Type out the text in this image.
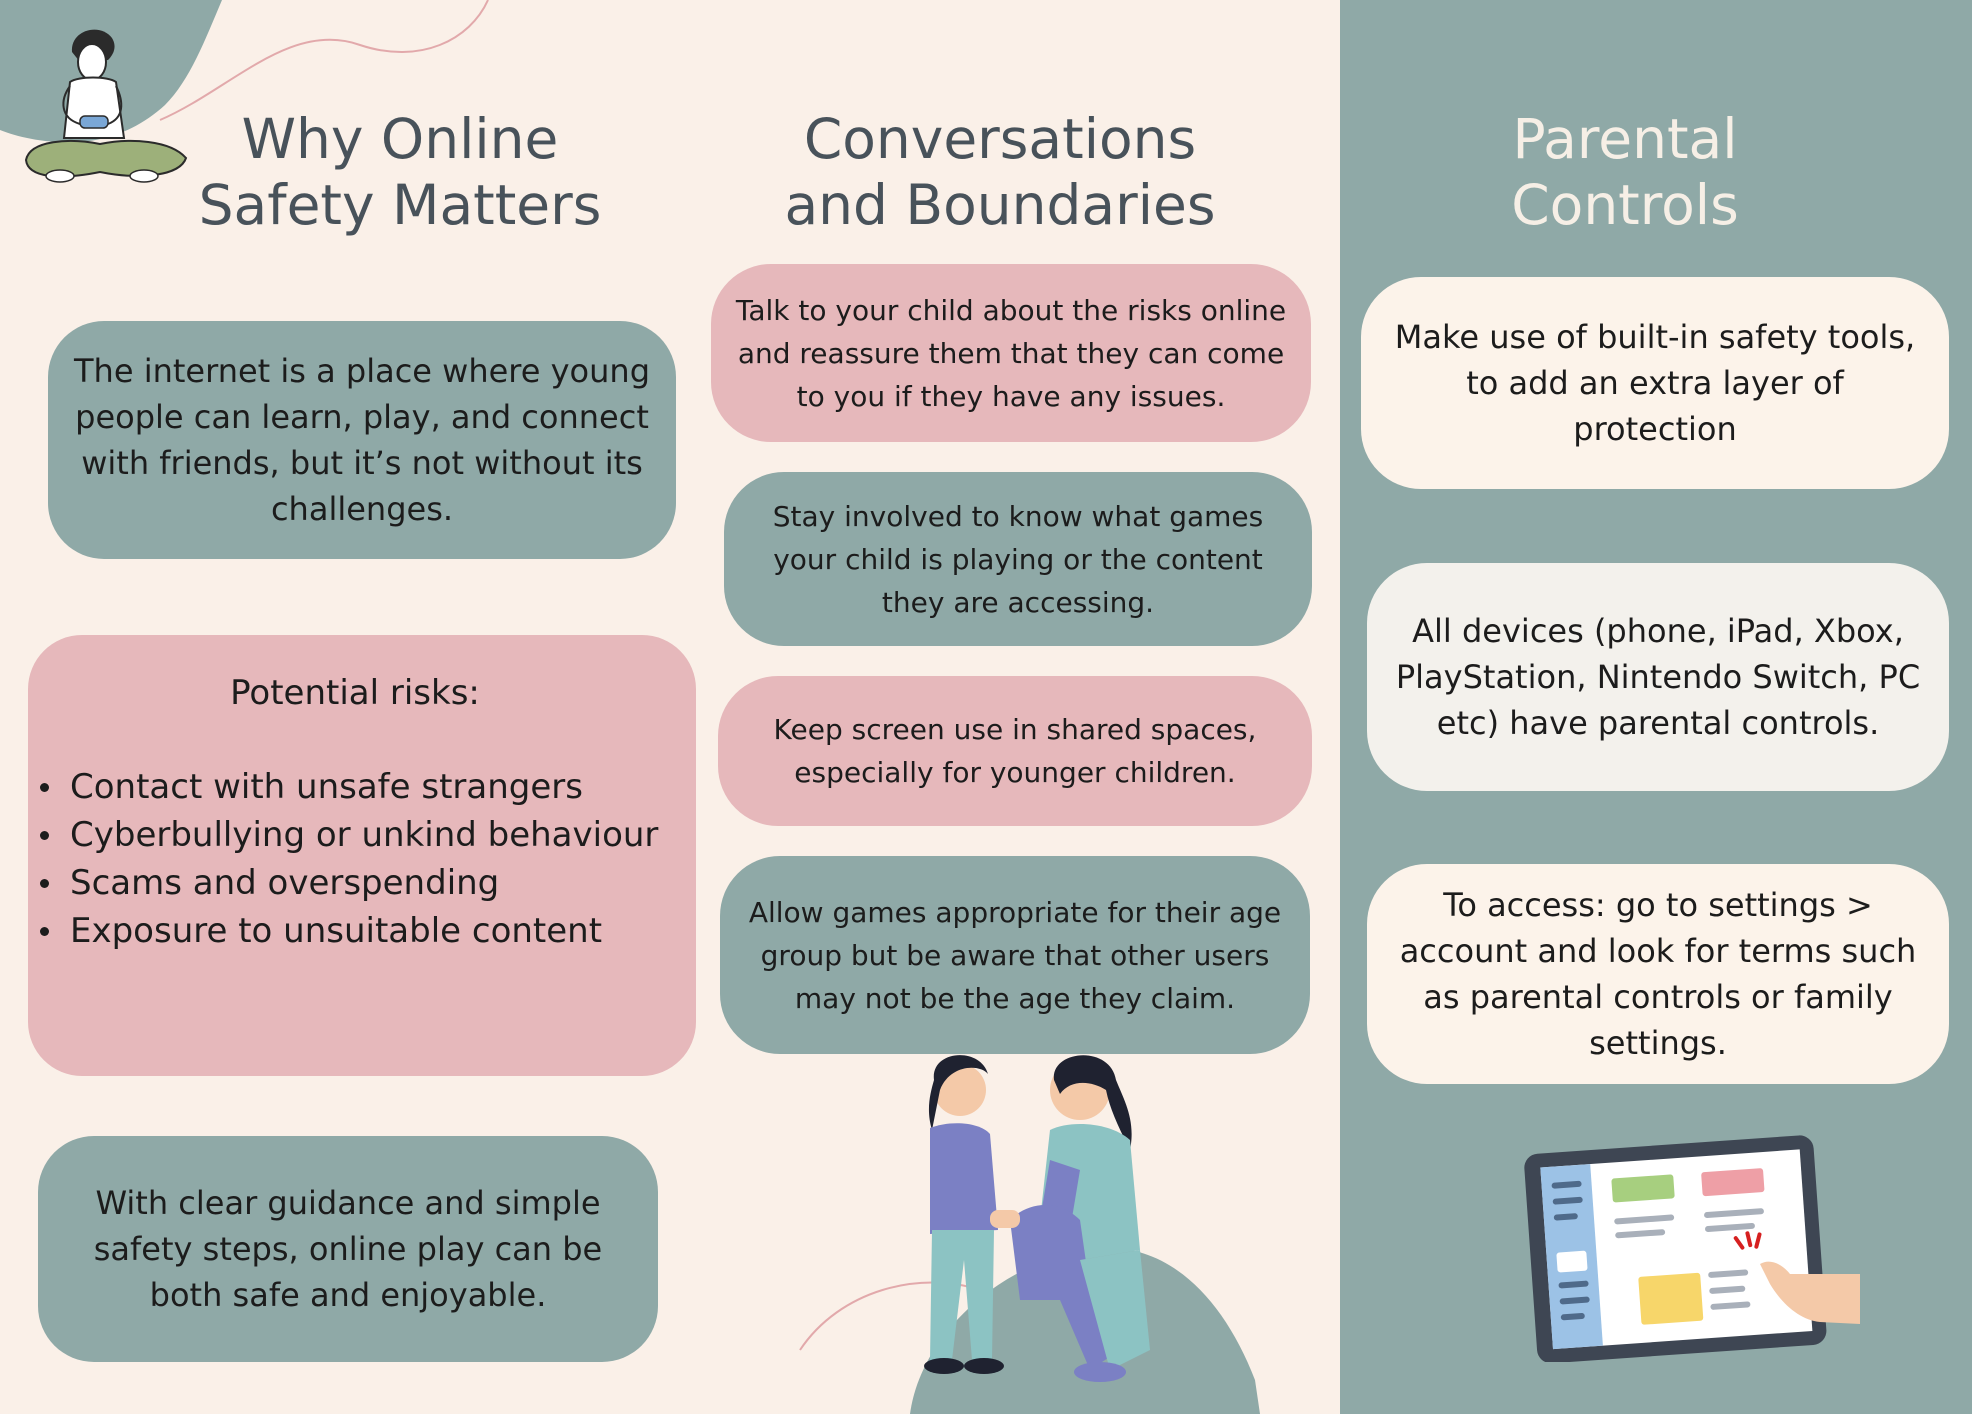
Why Online
Safety Matters
Conversations
and Boundaries
Parental
Controls
The internet is a place where young people can learn, play, and connect with friends, but it’s not without its challenges.
Potential risks:
Contact with unsafe strangers
Cyberbullying or unkind behaviour
Scams and overspending
Exposure to unsuitable content
With clear guidance and simple safety steps, online play can be both safe and enjoyable.
Talk to your child about the risks online and reassure them that they can come to you if they have any issues.
Stay involved to know what games your child is playing or the content they are accessing.
Keep screen use in shared spaces, especially for younger children.
Allow games appropriate for their age group but be aware that other users may not be the age they claim.
Make use of built-in safety tools, to add an extra layer of protection
All devices (phone, iPad, Xbox, PlayStation, Nintendo Switch, PC etc) have parental controls.
To access: go to settings > account and look for terms such as parental controls or family settings.
